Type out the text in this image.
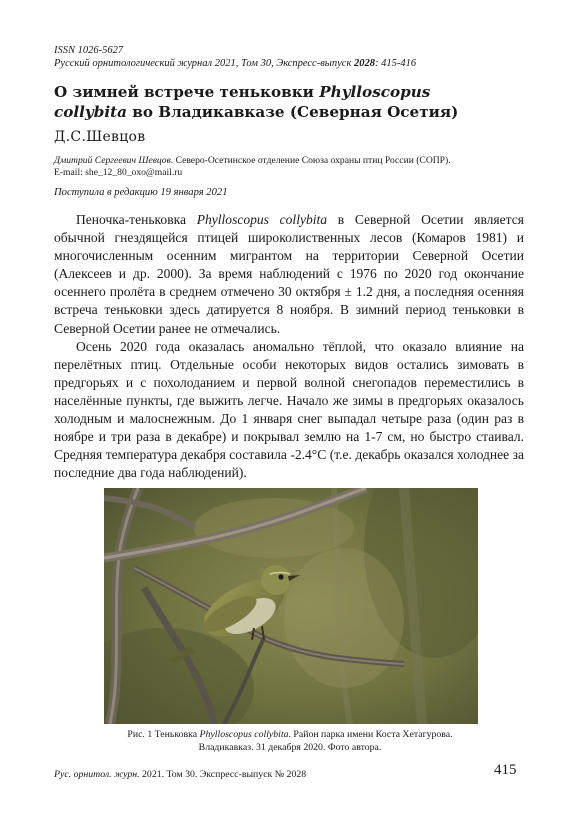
ISSN 1026-5627
Русский орнитологический журнал 2021, Том 30, Экспресс-выпуск 2028: 415-416
О зимней встрече теньковки Phylloscopus
collybita во Владикавказе (Северная Осетия)
Д.С.Шевцов
Дмитрий Сергеевич Шевцов. Северо-Осетинское отделение Союза охраны птиц России (СОПР).
E-mail: she_12_80_oxo@mail.ru
Поступила в редакцию 19 января 2021

Пеночка-теньковка Phylloscopus collybita в Северной Осетии является обычной гнездящейся птицей широколиственных лесов (Комаров 1981) и многочисленным осенним мигрантом на территории Северной Осетии (Алексеев и др. 2000). За время наблюдений с 1976 по 2020 год окончание осеннего пролёта в среднем отмечено 30 октября ± 1.2 дня, а последняя осенняя встреча теньковки здесь датируется 8 ноября. В зимний период теньковки в Северной Осетии ранее не отмечались.

Осень 2020 года оказалась аномально тёплой, что оказало влияние на перелётных птиц. Отдельные особи некоторых видов остались зимовать в предгорьях и с похолоданием и первой волной снегопадов переместились в населённые пункты, где выжить легче. Начало же зимы в предгорьях оказалось холодным и малоснежным. До 1 января снег выпадал четыре раза (один раз в ноябре и три раза в декабре) и покрывал землю на 1-7 см, но быстро стаивал. Средняя температура декабря составила -2.4°С (т.е. декабрь оказался холоднее за последние два года наблюдений).

Рис. 1 Теньковка Phylloscopus collybita. Район парка имени Коста Хетагурова. Владикавказ. 31 декабря 2020. Фото автора.
Рус. орнитол. журн. 2021. Том 30. Экспресс-выпуск № 2028	415
